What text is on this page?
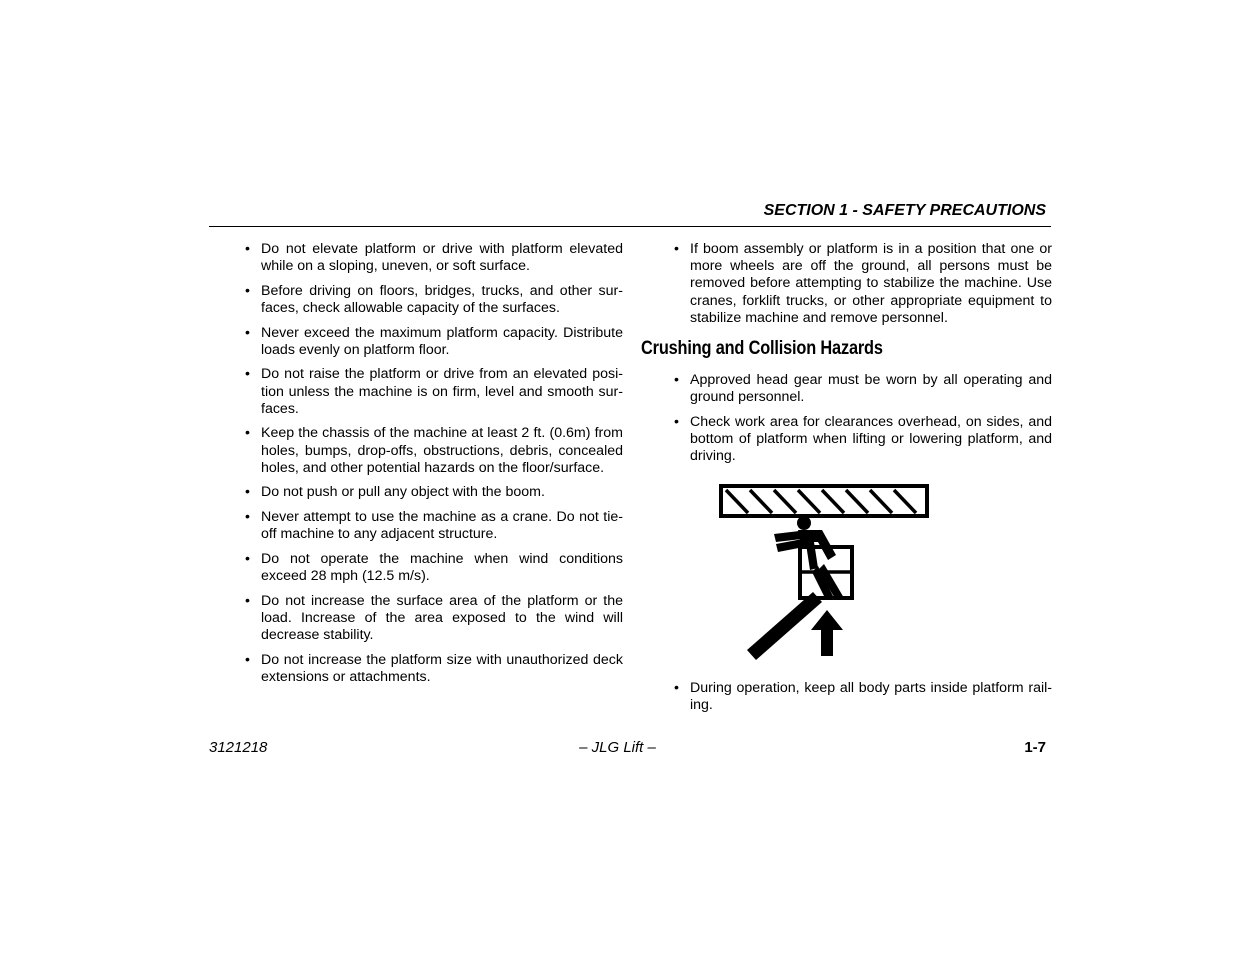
SECTION 1 - SAFETY PRECAUTIONS
• Do not elevate platform or drive with platform elevated while on a sloping, uneven, or soft surface.
• Before driving on floors, bridges, trucks, and other sur-faces, check allowable capacity of the surfaces.
• Never exceed the maximum platform capacity. Distribute loads evenly on platform floor.
• Do not raise the platform or drive from an elevated posi-tion unless the machine is on firm, level and smooth sur-faces.
• Keep the chassis of the machine at least 2 ft. (0.6m) from holes, bumps, drop-offs, obstructions, debris, concealed holes, and other potential hazards on the floor/surface.
• Do not push or pull any object with the boom.
• Never attempt to use the machine as a crane. Do not tie-off machine to any adjacent structure.
• Do not operate the machine when wind conditions exceed 28 mph (12.5 m/s).
• Do not increase the surface area of the platform or the load. Increase of the area exposed to the wind will decrease stability.
• Do not increase the platform size with unauthorized deck extensions or attachments.
• If boom assembly or platform is in a position that one or more wheels are off the ground, all persons must be removed before attempting to stabilize the machine. Use cranes, forklift trucks, or other appropriate equipment to stabilize machine and remove personnel.
Crushing and Collision Hazards
• Approved head gear must be worn by all operating and ground personnel.
• Check work area for clearances overhead, on sides, and bottom of platform when lifting or lowering platform, and driving.
• During operation, keep all body parts inside platform rail-ing.
3121218	– JLG Lift –	1-7
